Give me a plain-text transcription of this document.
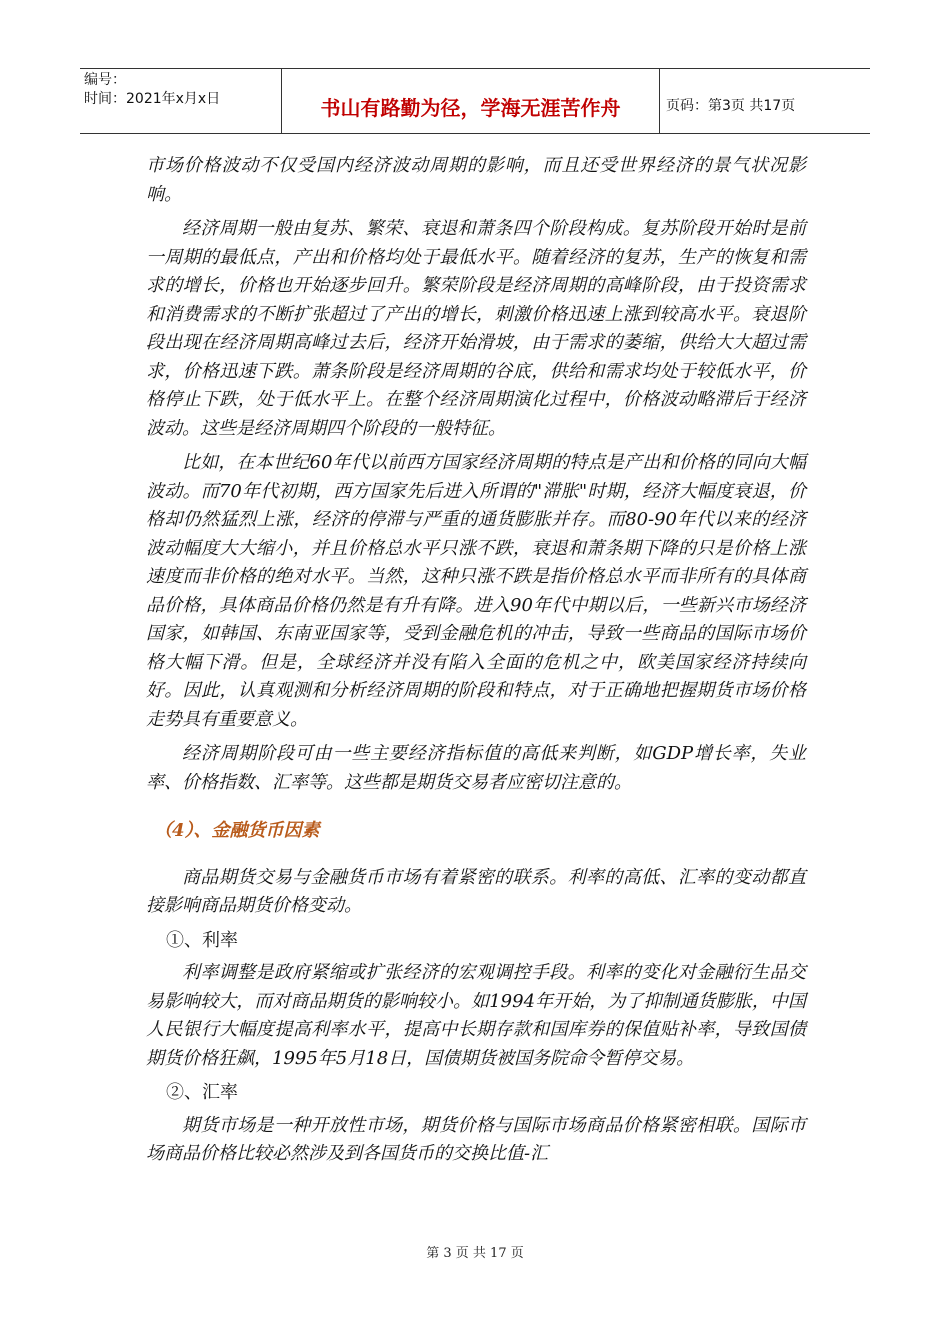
编号：
时间：2021年x月x日	书山有路勤为径，学海无涯苦作舟	页码：第3页 共17页

市场价格波动不仅受国内经济波动周期的影响，而且还受世界经济的景气状况影响。

经济周期一般由复苏、繁荣、衰退和萧条四个阶段构成。复苏阶段开始时是前一周期的最低点，产出和价格均处于最低水平。随着经济的复苏，生产的恢复和需求的增长，价格也开始逐步回升。繁荣阶段是经济周期的高峰阶段，由于投资需求和消费需求的不断扩张超过了产出的增长，刺激价格迅速上涨到较高水平。衰退阶段出现在经济周期高峰过去后，经济开始滑坡，由于需求的萎缩，供给大大超过需求，价格迅速下跌。萧条阶段是经济周期的谷底，供给和需求均处于较低水平，价格停止下跌，处于低水平上。在整个经济周期演化过程中，价格波动略滞后于经济波动。这些是经济周期四个阶段的一般特征。

比如，在本世纪60年代以前西方国家经济周期的特点是产出和价格的同向大幅波动。而70年代初期，西方国家先后进入所谓的"滞胀"时期，经济大幅度衰退，价格却仍然猛烈上涨，经济的停滞与严重的通货膨胀并存。而80-90年代以来的经济波动幅度大大缩小，并且价格总水平只涨不跌，衰退和萧条期下降的只是价格上涨速度而非价格的绝对水平。当然，这种只涨不跌是指价格总水平而非所有的具体商品价格，具体商品价格仍然是有升有降。进入90年代中期以后，一些新兴市场经济国家，如韩国、东南亚国家等，受到金融危机的冲击，导致一些商品的国际市场价格大幅下滑。但是，全球经济并没有陷入全面的危机之中，欧美国家经济持续向好。因此，认真观测和分析经济周期的阶段和特点，对于正确地把握期货市场价格走势具有重要意义。

经济周期阶段可由一些主要经济指标值的高低来判断，如GDP增长率，失业率、价格指数、汇率等。这些都是期货交易者应密切注意的。

（4）、金融货币因素

商品期货交易与金融货币市场有着紧密的联系。利率的高低、汇率的变动都直接影响商品期货价格变动。

①、利率

利率调整是政府紧缩或扩张经济的宏观调控手段。利率的变化对金融衍生品交易影响较大，而对商品期货的影响较小。如1994年开始，为了抑制通货膨胀，中国人民银行大幅度提高利率水平，提高中长期存款和国库券的保值贴补率，导致国债期货价格狂飙，1995年5月18日，国债期货被国务院命令暂停交易。

②、汇率

期货市场是一种开放性市场，期货价格与国际市场商品价格紧密相联。国际市场商品价格比较必然涉及到各国货币的交换比值-汇

第 3 页 共 17 页
